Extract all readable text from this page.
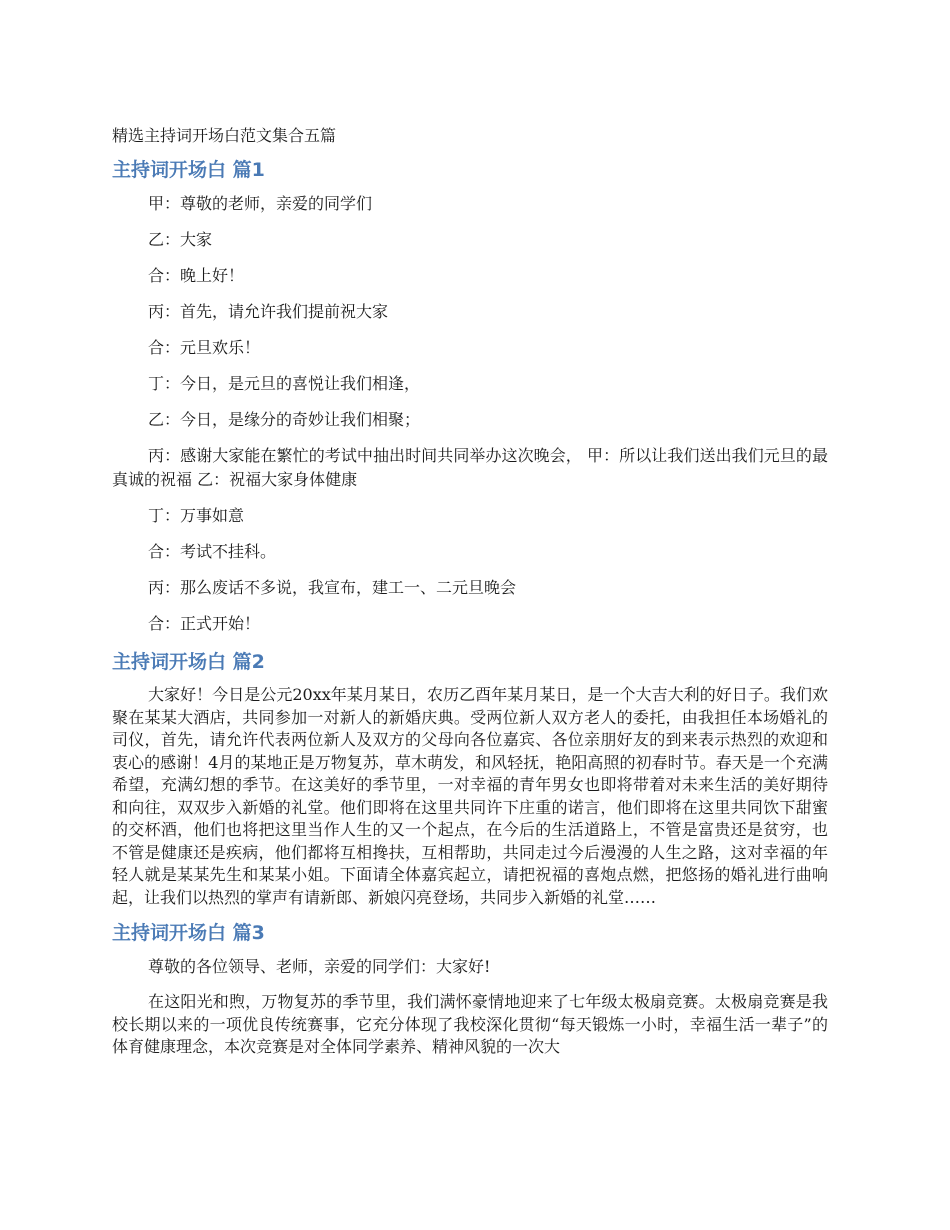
精选主持词开场白范文集合五篇
主持词开场白 篇1

甲：尊敬的老师，亲爱的同学们

乙：大家

合：晚上好！

丙：首先，请允许我们提前祝大家

合：元旦欢乐！

丁：今日，是元旦的喜悦让我们相逢，

乙：今日，是缘分的奇妙让我们相聚；

丙：感谢大家能在繁忙的考试中抽出时间共同举办这次晚会， 甲：所以让我们送出我们元旦的最真诚的祝福 乙：祝福大家身体健康

丁：万事如意

合：考试不挂科。

丙：那么废话不多说，我宣布，建工一、二元旦晚会

合：正式开始！

主持词开场白 篇2

大家好！今日是公元20xx年某月某日，农历乙酉年某月某日，是一个大吉大利的好日子。我们欢聚在某某大酒店，共同参加一对新人的新婚庆典。受两位新人双方老人的委托，由我担任本场婚礼的司仪，首先，请允许代表两位新人及双方的父母向各位嘉宾、各位亲朋好友的到来表示热烈的欢迎和衷心的感谢！4月的某地正是万物复苏，草木萌发，和风轻抚，艳阳高照的初春时节。春天是一个充满希望，充满幻想的季节。在这美好的季节里，一对幸福的青年男女也即将带着对未来生活的美好期待和向往，双双步入新婚的礼堂。他们即将在这里共同许下庄重的诺言，他们即将在这里共同饮下甜蜜的交杯酒，他们也将把这里当作人生的又一个起点，在今后的生活道路上，不管是富贵还是贫穷，也不管是健康还是疾病，他们都将互相搀扶，互相帮助，共同走过今后漫漫的人生之路，这对幸福的年轻人就是某某先生和某某小姐。下面请全体嘉宾起立，请把祝福的喜炮点燃，把悠扬的婚礼进行曲响起，让我们以热烈的掌声有请新郎、新娘闪亮登场，共同步入新婚的礼堂……

主持词开场白 篇3

尊敬的各位领导、老师，亲爱的同学们：大家好!

在这阳光和煦，万物复苏的季节里，我们满怀豪情地迎来了七年级太极扇竞赛。太极扇竞赛是我校长期以来的一项优良传统赛事，它充分体现了我校深化贯彻“每天锻炼一小时，幸福生活一辈子”的体育健康理念，本次竞赛是对全体同学素养、精神风貌的一次大
